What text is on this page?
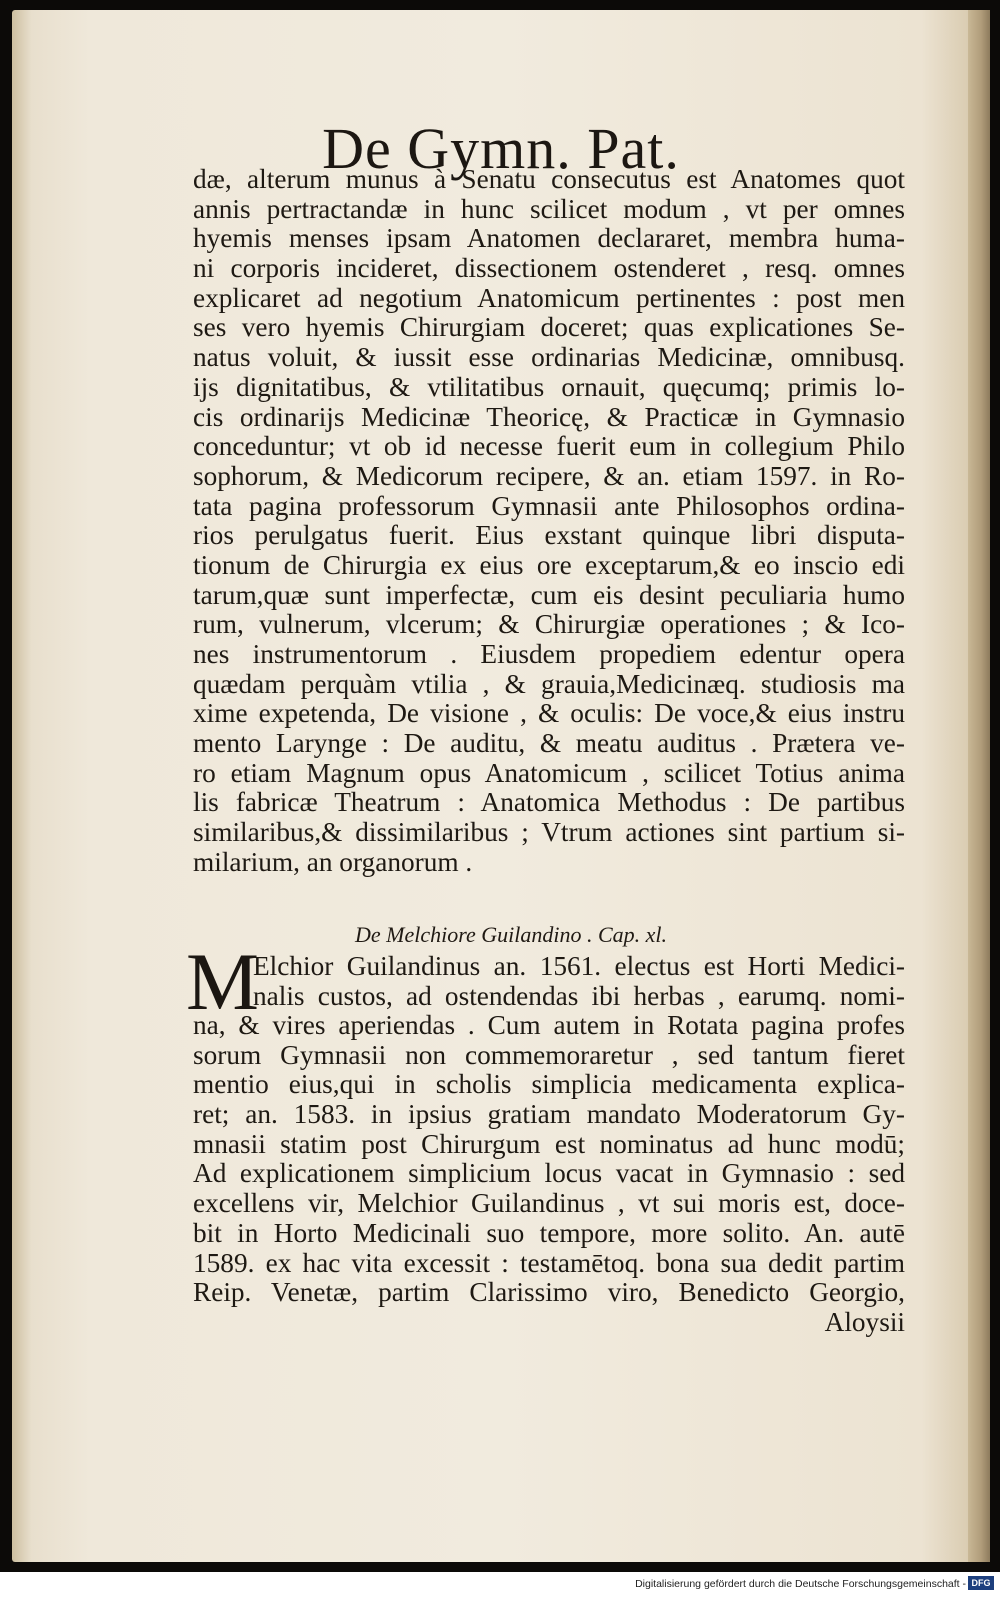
De Gymn. Pat.
dæ, alterum munus à Senatu consecutus est Anatomes quot
annis pertractandæ in hunc scilicet modum , vt per omnes
hyemis menses ipsam Anatomen declararet, membra huma-
ni corporis incideret, dissectionem ostenderet , resq. omnes
explicaret ad negotium Anatomicum pertinentes : post men
ses vero hyemis Chirurgiam doceret; quas explicationes Se-
natus voluit, & iussit esse ordinarias Medicinæ, omnibusq.
ijs dignitatibus, & vtilitatibus ornauit, quęcumq; primis lo-
cis ordinarijs Medicinæ Theoricę, & Practicæ in Gymnasio
conceduntur; vt ob id necesse fuerit eum in collegium Philo
sophorum, & Medicorum recipere, & an. etiam 1597. in Ro-
tata pagina professorum Gymnasii ante Philosophos ordina-
rios perulgatus fuerit. Eius exstant quinque libri disputa-
tionum de Chirurgia ex eius ore exceptarum,& eo inscio edi
tarum,quæ sunt imperfectæ, cum eis desint peculiaria humo
rum, vulnerum, vlcerum; & Chirurgiæ operationes ; & Ico-
nes instrumentorum . Eiusdem propediem edentur opera
quædam perquàm vtilia , & grauia,Medicinæq. studiosis ma
xime expetenda, De visione , & oculis: De voce,& eius instru
mento Larynge : De auditu, & meatu auditus . Prætera ve-
ro etiam Magnum opus Anatomicum , scilicet Totius anima
lis fabricæ Theatrum : Anatomica Methodus : De partibus
similaribus,& dissimilaribus ; Vtrum actiones sint partium si-
milarium, an organorum .
De Melchiore Guilandino . Cap. xl.
M
Elchior Guilandinus an. 1561. electus est Horti Medici-
nalis custos, ad ostendendas ibi herbas , earumq. nomi-
na, & vires aperiendas . Cum autem in Rotata pagina profes
sorum Gymnasii non commemoraretur , sed tantum fieret
mentio eius,qui in scholis simplicia medicamenta explica-
ret; an. 1583. in ipsius gratiam mandato Moderatorum Gy-
mnasii statim post Chirurgum est nominatus ad hunc modū;
Ad explicationem simplicium locus vacat in Gymnasio : sed
excellens vir, Melchior Guilandinus , vt sui moris est, doce-
bit in Horto Medicinali suo tempore, more solito. An. autē
1589. ex hac vita excessit : testamētoq. bona sua dedit partim
Reip. Venetæ, partim Clarissimo viro, Benedicto Georgio,
Aloysii
Digitalisierung gefördert durch die Deutsche Forschungsgemeinschaft - DFG
